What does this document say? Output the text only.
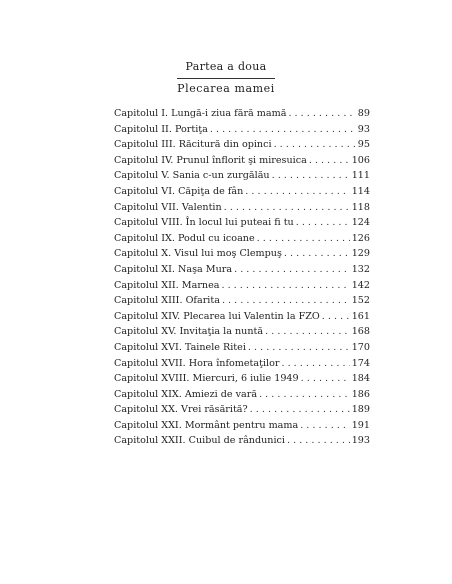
Partea a doua
Plecarea mamei
Capitolul I. Lungă-i ziua fără mamă . . .	89
Capitolul II. Portiţa . . .	93
Capitolul III. Răcitură din opinci . . .	95
Capitolul IV. Prunul înflorit şi miresuica . . .	106
Capitolul V. Sania c-un zurgălău . . .	111
Capitolul VI. Căpiţa de fân . . .	114
Capitolul VII. Valentin . . .	118
Capitolul VIII. În locul lui puteai fi tu . . .	124
Capitolul IX. Podul cu icoane . . .	126
Capitolul X. Visul lui moş Clempuş . . .	129
Capitolul XI. Naşa Mura . . .	132
Capitolul XII. Marnea . . .	142
Capitolul XIII. Ofarita . . .	152
Capitolul XIV. Plecarea lui Valentin la FZO . . .	161
Capitolul XV. Invitaţia la nuntă . . .	168
Capitolul XVI. Tainele Ritei . . .	170
Capitolul XVII. Hora înfometaţilor . . .	174
Capitolul XVIII. Miercuri, 6 iulie 1949 . . .	184
Capitolul XIX. Amiezi de vară . . .	186
Capitolul XX. Vrei răsărită? . . .	189
Capitolul XXI. Mormânt pentru mama . . .	191
Capitolul XXII. Cuibul de rândunici . . .	193
